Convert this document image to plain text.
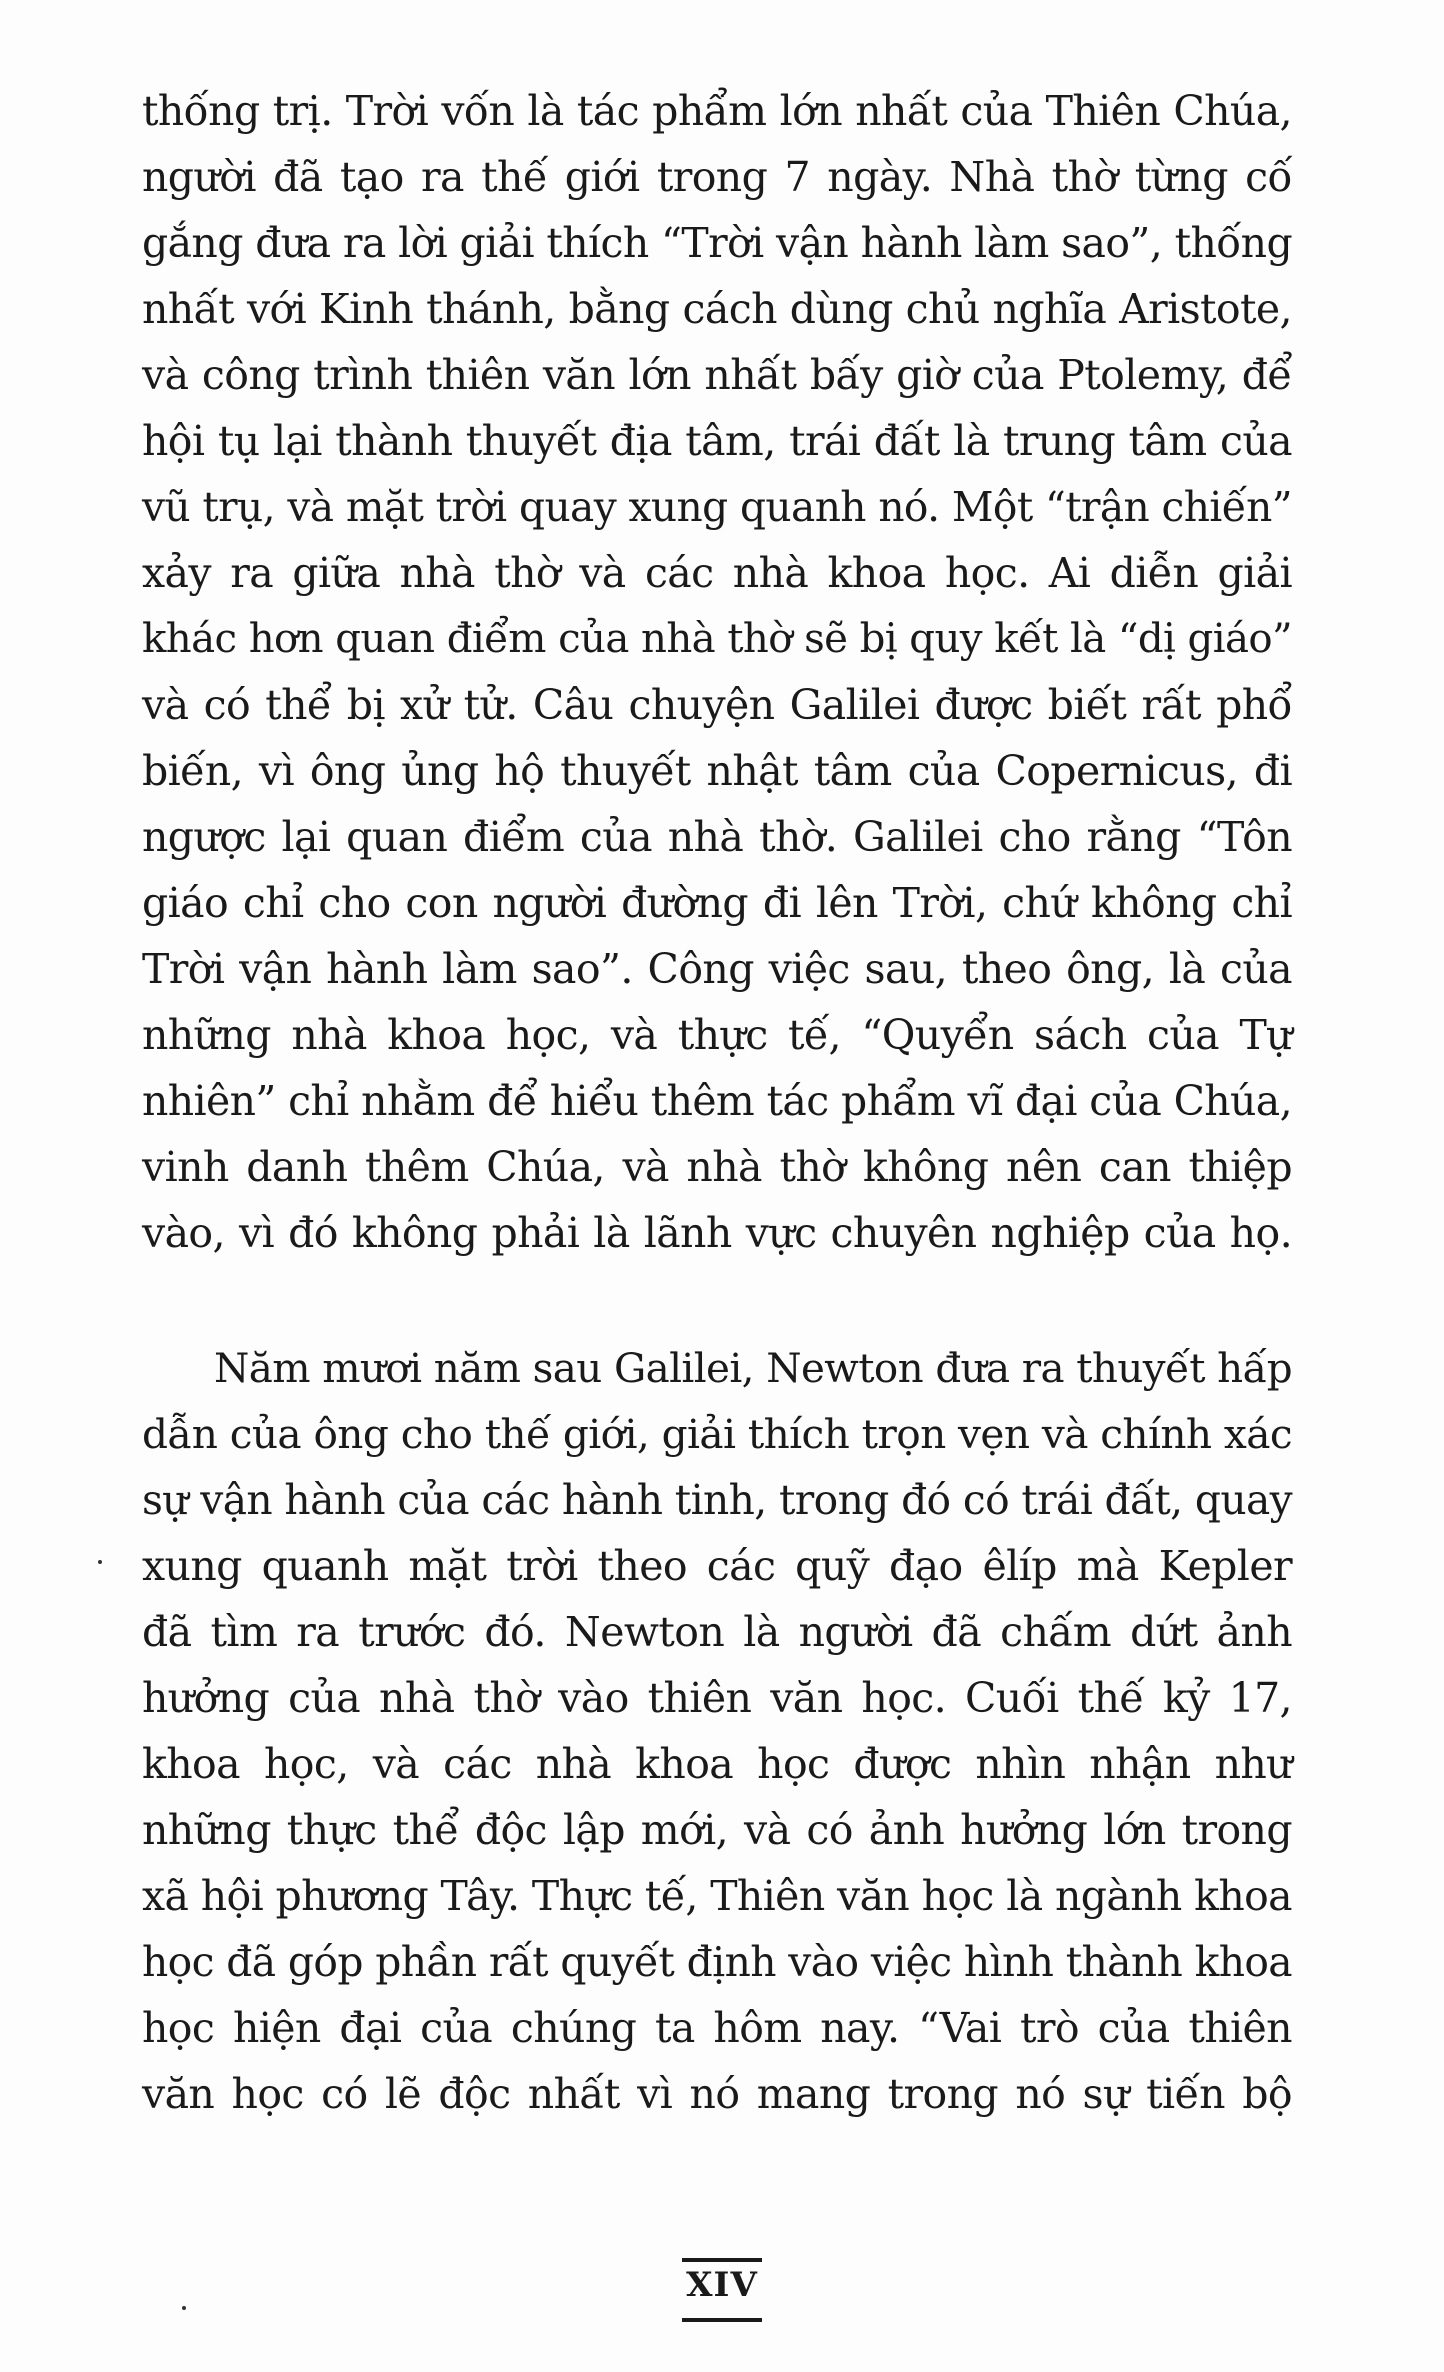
thống trị. Trời vốn là tác phẩm lớn nhất của Thiên Chúa,
người đã tạo ra thế giới trong 7 ngày. Nhà thờ từng cố
gắng đưa ra lời giải thích “Trời vận hành làm sao”, thống
nhất với Kinh thánh, bằng cách dùng chủ nghĩa Aristote,
và công trình thiên văn lớn nhất bấy giờ của Ptolemy, để
hội tụ lại thành thuyết địa tâm, trái đất là trung tâm của
vũ trụ, và mặt trời quay xung quanh nó. Một “trận chiến”
xảy ra giữa nhà thờ và các nhà khoa học. Ai diễn giải
khác hơn quan điểm của nhà thờ sẽ bị quy kết là “dị giáo”
và có thể bị xử tử. Câu chuyện Galilei được biết rất phổ
biến, vì ông ủng hộ thuyết nhật tâm của Copernicus, đi
ngược lại quan điểm của nhà thờ. Galilei cho rằng “Tôn
giáo chỉ cho con người đường đi lên Trời, chứ không chỉ
Trời vận hành làm sao”. Công việc sau, theo ông, là của
những nhà khoa học, và thực tế, “Quyển sách của Tự
nhiên” chỉ nhằm để hiểu thêm tác phẩm vĩ đại của Chúa,
vinh danh thêm Chúa, và nhà thờ không nên can thiệp
vào, vì đó không phải là lãnh vực chuyên nghiệp của họ.
Năm mươi năm sau Galilei, Newton đưa ra thuyết hấp
dẫn của ông cho thế giới, giải thích trọn vẹn và chính xác
sự vận hành của các hành tinh, trong đó có trái đất, quay
xung quanh mặt trời theo các quỹ đạo êlíp mà Kepler
đã tìm ra trước đó. Newton là người đã chấm dứt ảnh
hưởng của nhà thờ vào thiên văn học. Cuối thế kỷ 17,
khoa học, và các nhà khoa học được nhìn nhận như
những thực thể độc lập mới, và có ảnh hưởng lớn trong
xã hội phương Tây. Thực tế, Thiên văn học là ngành khoa
học đã góp phần rất quyết định vào việc hình thành khoa
học hiện đại của chúng ta hôm nay. “Vai trò của thiên
văn học có lẽ độc nhất vì nó mang trong nó sự tiến bộ
XIV
